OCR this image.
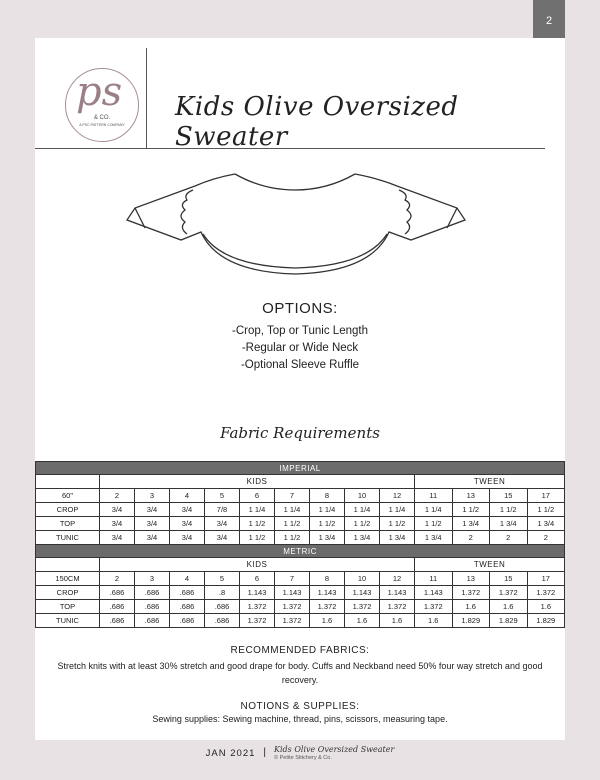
2
ps
& CO.
A PSC PATTERN COMPANY
Kids Olive Oversized Sweater
OPTIONS:
-Crop, Top or Tunic Length
-Regular or Wide Neck
-Optional Sleeve Ruffle
Fabric Requirements
IMPERIAL													
	KIDS									TWEEN			
60"	2	3	4	5	6	7	8	10	12	11	13	15	17
CROP	3/4	3/4	3/4	7/8	1 1/4	1 1/4	1 1/4	1 1/4	1 1/4	1 1/4	1 1/2	1 1/2	1 1/2
TOP	3/4	3/4	3/4	3/4	1 1/2	1 1/2	1 1/2	1 1/2	1 1/2	1 1/2	1 3/4	1 3/4	1 3/4
TUNIC	3/4	3/4	3/4	3/4	1 1/2	1 1/2	1 3/4	1 3/4	1 3/4	1 3/4	2	2	2
METRIC													
	KIDS									TWEEN			
150CM	2	3	4	5	6	7	8	10	12	11	13	15	17
CROP	.686	.686	.686	.8	1.143	1.143	1.143	1.143	1.143	1.143	1.372	1.372	1.372
TOP	.686	.686	.686	.686	1.372	1.372	1.372	1.372	1.372	1.372	1.6	1.6	1.6
TUNIC	.686	.686	.686	.686	1.372	1.372	1.6	1.6	1.6	1.6	1.829	1.829	1.829
RECOMMENDED FABRICS:
Stretch knits with at least 30% stretch and good drape for body. Cuffs and Neckband need 50% four way stretch and good recovery.
NOTIONS & SUPPLIES:
Sewing supplies: Sewing machine, thread, pins, scissors, measuring tape.
JAN 2021 | Kids Olive Oversized Sweater
© Petite Stitchery & Co.
